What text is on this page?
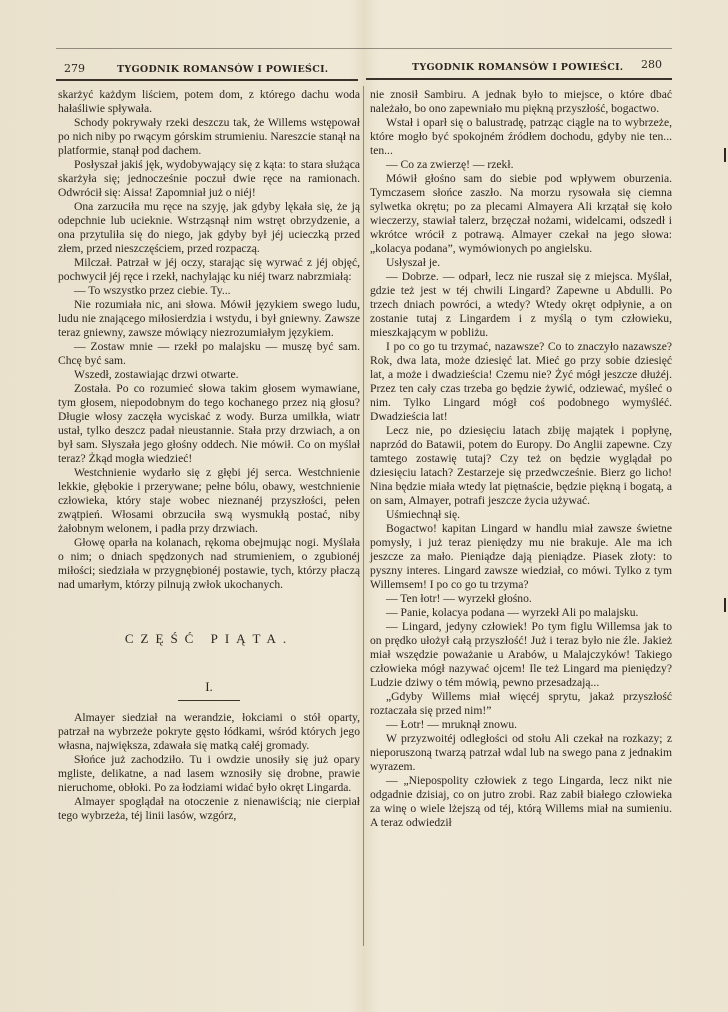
279	TYGODNIK ROMANSÓW I POWIEŚCI.	TYGODNIK ROMANSÓW I POWIEŚCI. 280

skarżyć każdym liściem, potem dom, z którego dachu woda hałaśliwie spływała.

Schody pokrywały rzeki deszczu tak, że Willems wstępował po nich niby po rwącym górskim strumieniu. Nareszcie stanął na platformie, stanął pod dachem.

Posłyszał jakiś jęk, wydobywający się z kąta: to stara służąca skarżyła się; jednocześnie poczuł dwie ręce na ramionach. Odwrócił się: Aissa! Zapomniał już o niéj!

Ona zarzuciła mu ręce na szyję, jak gdyby lękała się, że ją odepchnie lub ucieknie. Wstrząsnął nim wstręt obrzydzenie, a ona przytuliła się do niego, jak gdyby był jéj ucieczką przed złem, przed nieszczęściem, przed rozpaczą.

Milczał. Patrzał w jéj oczy, starając się wyrwać z jéj objęć, pochwycił jéj ręce i rzekł, nachylając ku niéj twarz nabrzmiałą:

— To wszystko przez ciebie. Ty...

Nie rozumiała nic, ani słowa. Mówił językiem swego ludu, ludu nie znającego miłosierdzia i wstydu, i był gniewny. Zawsze teraz gniewny, zawsze mówiący niezrozumiałym językiem.

— Zostaw mnie — rzekł po malajsku — muszę być sam. Chcę być sam.

Wszedł, zostawiając drzwi otwarte.

Została. Po co rozumieć słowa takim głosem wymawiane, tym głosem, niepodobnym do tego kochanego przez nią głosu? Długie włosy zaczęła wyciskać z wody. Burza umilkła, wiatr ustał, tylko deszcz padał nieustannie. Stała przy drzwiach, a on był sam. Słyszała jego głośny oddech. Nie mówił. Co on myślał teraz? Żkąd mogła wiedzieć!

Westchnienie wydarło się z głębi jéj serca. Westchnienie lekkie, głębokie i przerywane; pełne bólu, obawy, westchnienie człowieka, który staje wobec nieznanéj przyszłości, pełen zwątpień. Włosami obrzuciła swą wysmukłą postać, niby żałobnym welonem, i padła przy drzwiach.

Głowę oparła na kolanach, rękoma obejmując nogi. Myślała o nim; o dniach spędzonych nad strumieniem, o zgubionéj miłości; siedziała w przygnębionéj postawie, tych, którzy płaczą nad umarłym, którzy pilnują zwłok ukochanych.

CZĘŚĆ PIĄTA.
I.

Almayer siedział na werandzie, łokciami o stół oparty, patrzał na wybrzeże pokryte gęsto łódkami, wśród których jego własna, największa, zdawała się matką całéj gromady.

Słońce już zachodziło. Tu i owdzie unosiły się już opary mgliste, delikatne, a nad lasem wznosiły się drobne, prawie nieruchome, obłoki. Po za łodziami widać było okręt Lingarda.

Almayer spoglądał na otoczenie z nienawiścią; nie cierpiał tego wybrzeża, téj linii lasów, wzgórz,

nie znosił Sambiru. A jednak było to miejsce, o które dbać należało, bo ono zapewniało mu piękną przyszłość, bogactwo.

Wstał i oparł się o balustradę, patrząc ciągle na to wybrzeże, które mogło być spokojném źródłem dochodu, gdyby nie ten... ten...

— Co za zwierzę! — rzekł.

Mówił głośno sam do siebie pod wpływem oburzenia. Tymczasem słońce zaszło. Na morzu rysowała się ciemna sylwetka okrętu; po za plecami Almayera Ali krzątał się koło wieczerzy, stawiał talerz, brzęczał nożami, widelcami, odszedł i wkrótce wrócił z potrawą. Almayer czekał na jego słowa: „kolacya podana”, wymówionych po angielsku.

Usłyszał je.

— Dobrze. — odparł, lecz nie ruszał się z miejsca. Myślał, gdzie też jest w téj chwili Lingard? Zapewne u Abdulli. Po trzech dniach powróci, a wtedy? Wtedy okręt odpłynie, a on zostanie tutaj z Lingardem i z myślą o tym człowieku, mieszkającym w pobliżu.

I po co go tu trzymać, nazawsze? Co to znaczyło nazawsze? Rok, dwa lata, może dziesięć lat. Mieć go przy sobie dziesięć lat, a może i dwadzieścia! Czemu nie? Żyć mógł jeszcze dłużéj. Przez ten cały czas trzeba go będzie żywić, odziewać, myśleć o nim. Tylko Lingard mógł coś podobnego wymyśléć. Dwadzieścia lat!

Lecz nie, po dziesięciu latach zbiję majątek i popłynę, naprzód do Batawii, potem do Europy. Do Anglii zapewne. Czy tamtego zostawię tutaj? Czy też on będzie wyglądał po dziesięciu latach? Zestarzeje się przedwcześnie. Bierz go licho! Nina będzie miała wtedy lat piętnaście, będzie piękną i bogatą, a on sam, Almayer, potrafi jeszcze życia używać.

Uśmiechnął się.

Bogactwo! kapitan Lingard w handlu miał zawsze świetne pomysły, i już teraz pieniędzy mu nie brakuje. Ale ma ich jeszcze za mało. Pieniądze dają pieniądze. Piasek złoty: to pyszny interes. Lingard zawsze wiedział, co mówi. Tylko z tym Willemsem! I po co go tu trzyma?

— Ten łotr! — wyrzekł głośno.

— Panie, kolacya podana — wyrzekł Ali po malajsku.

— Lingard, jedyny człowiek! Po tym figlu Willemsa jak to on prędko ułożył całą przyszłość! Już i teraz było nie źle. Jakież miał wszędzie poważanie u Arabów, u Malajczyków! Takiego człowieka mógł nazywać ojcem! Ile też Lingard ma pieniędzy? Ludzie dziwy o tém mówią, pewno przesadzają...

„Gdyby Willems miał więcéj sprytu, jakaż przyszłość roztaczała się przed nim!”

— Łotr! — mruknął znowu.

W przyzwoitéj odległości od stołu Ali czekał na rozkazy; z nieporuszoną twarzą patrzał wdal lub na swego pana z jednakim wyrazem.

— „Niepospolity człowiek z tego Lingarda, lecz nikt nie odgadnie dzisiaj, co on jutro zrobi. Raz zabił białego człowieka za winę o wiele lżejszą od téj, którą Willems miał na sumieniu. A teraz odwiedził
